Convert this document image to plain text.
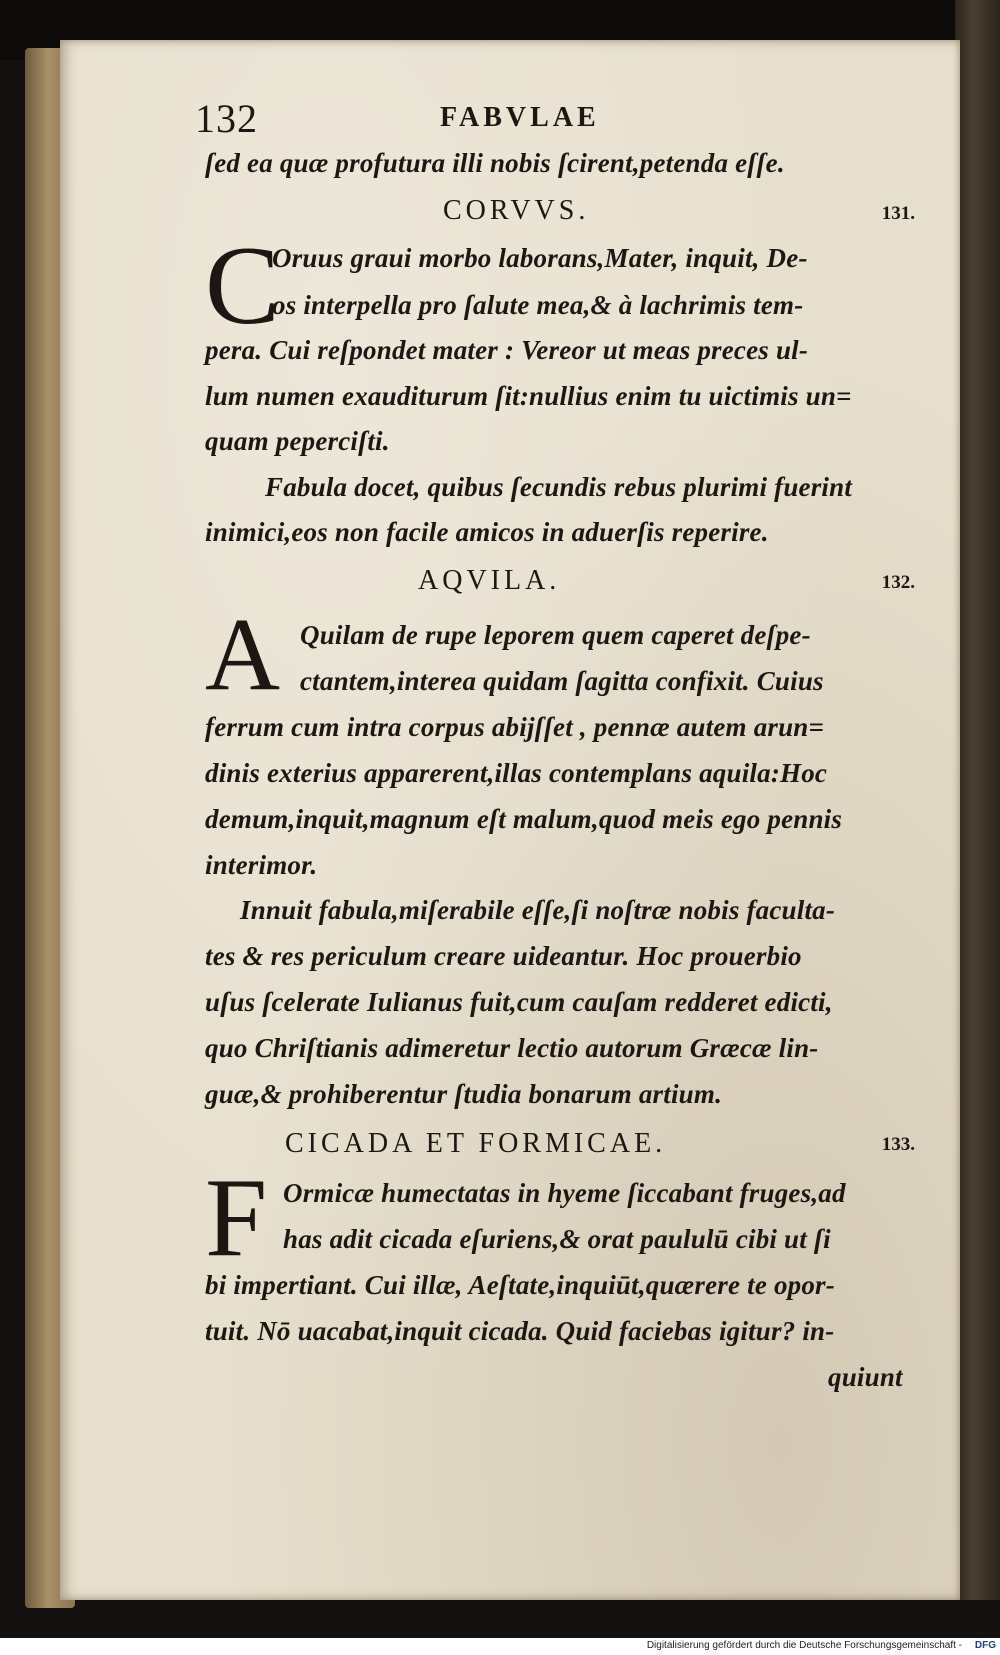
132	FABVLAE
ſed ea quæ profutura illi nobis ſcirent,petenda eſſe.
CORVVS.	131.
C
Oruus graui morbo laborans,Mater, inquit, De-
os interpella pro ſalute mea,& à lachrimis tem-
pera. Cui reſpondet mater : Vereor ut meas preces ul-
lum numen exauditurum ſit:nullius enim tu uictimis un=
quam peperciſti.
Fabula docet, quibus ſecundis rebus plurimi fuerint
inimici,eos non facile amicos in aduerſis reperire.
AQVILA.	132.
A Quilam de rupe leporem quem caperet deſpe-
ctantem,interea quidam ſagitta confixit. Cuius
ferrum cum intra corpus abijſſet , pennæ autem arun=
dinis exterius apparerent,illas contemplans aquila:Hoc
demum,inquit,magnum eſt malum,quod meis ego pennis
interimor.
Innuit fabula,miſerabile eſſe,ſi noſtræ nobis faculta-
tes & res periculum creare uideantur. Hoc prouerbio
uſus ſcelerate Iulianus fuit,cum cauſam redderet edicti,
quo Chriſtianis adimeretur lectio autorum Græcæ lin-
guæ,& prohiberentur ſtudia bonarum artium.
CICADA ET FORMICAE.	133.
F Ormicæ humectatas in hyeme ſiccabant fruges,ad
has adit cicada eſuriens,& orat paululū cibi ut ſi
bi impertiant. Cui illæ, Aeſtate,inquiūt,quærere te opor-
tuit. Nō uacabat,inquit cicada. Quid faciebas igitur? in-
quiunt
Digitalisierung gefördert durch die Deutsche Forschungsgemeinschaft - DFG
